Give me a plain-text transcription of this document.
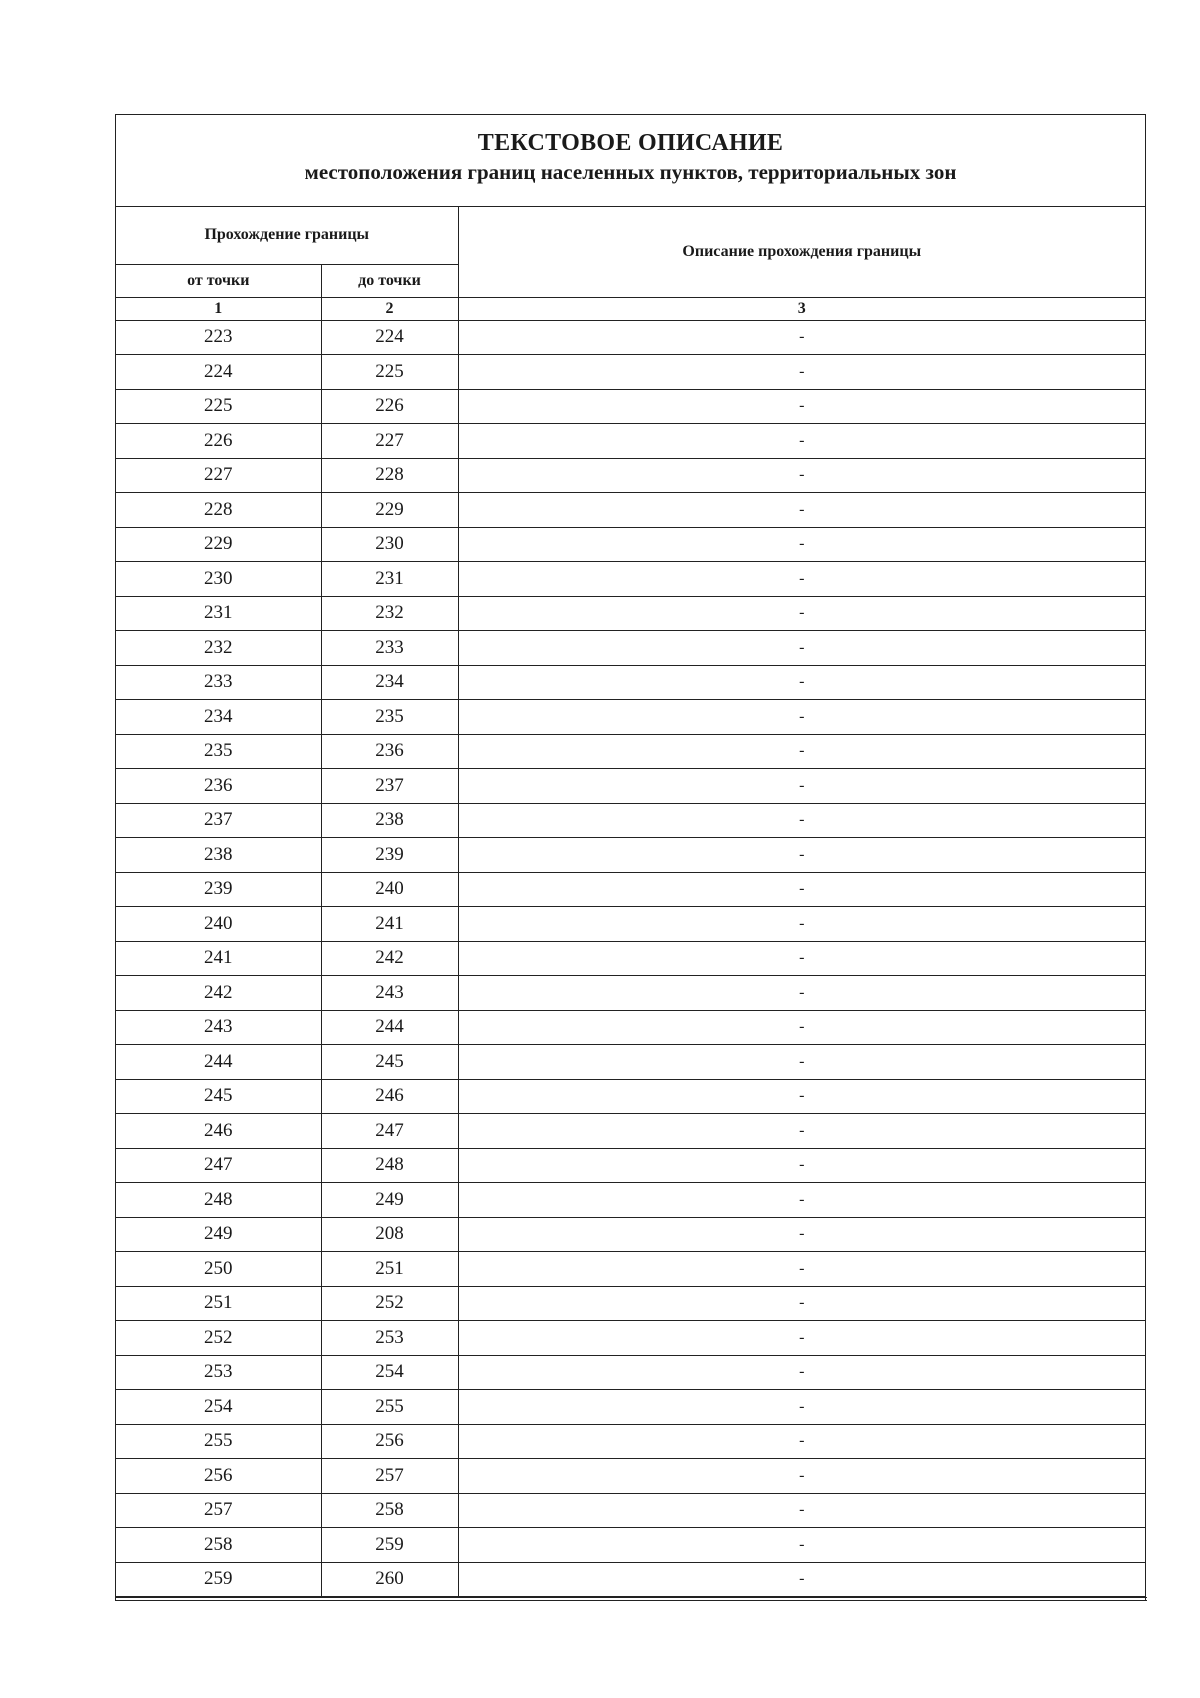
ТЕКСТОВОЕ ОПИСАНИЕ
местоположения границ населенных пунктов, территориальных зон
Прохождение границы		Описание прохождения границы
от точки	до точки	
1	2	3
223	224	-
224	225	-
225	226	-
226	227	-
227	228	-
228	229	-
229	230	-
230	231	-
231	232	-
232	233	-
233	234	-
234	235	-
235	236	-
236	237	-
237	238	-
238	239	-
239	240	-
240	241	-
241	242	-
242	243	-
243	244	-
244	245	-
245	246	-
246	247	-
247	248	-
248	249	-
249	208	-
250	251	-
251	252	-
252	253	-
253	254	-
254	255	-
255	256	-
256	257	-
257	258	-
258	259	-
259	260	-
